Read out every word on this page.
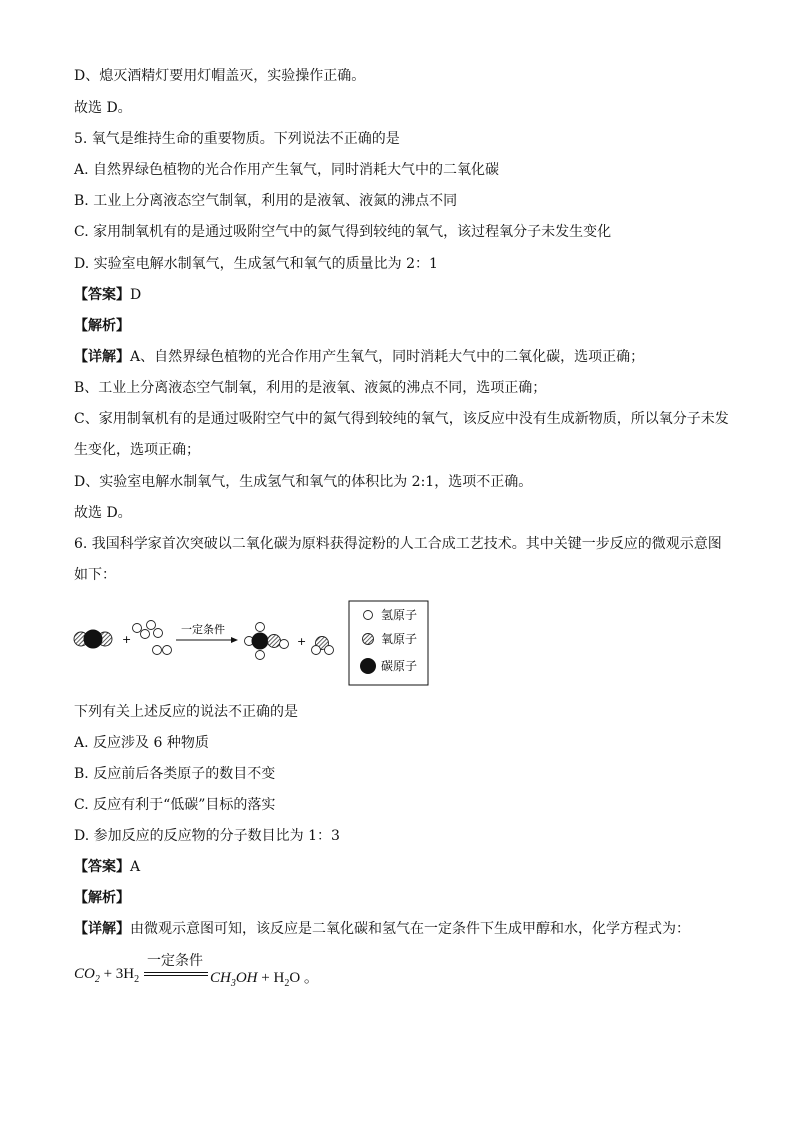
D、熄灭酒精灯要用灯帽盖灭，实验操作正确。
故选 D。
5. 氧气是维持生命的重要物质。下列说法不正确的是
A. 自然界绿色植物的光合作用产生氧气，同时消耗大气中的二氧化碳
B. 工业上分离液态空气制氧，利用的是液氧、液氮的沸点不同
C. 家用制氧机有的是通过吸附空气中的氮气得到较纯的氧气，该过程氧分子未发生变化
D. 实验室电解水制氧气，生成氢气和氧气的质量比为 2：1
【答案】D
【解析】
【详解】A、自然界绿色植物的光合作用产生氧气，同时消耗大气中的二氧化碳，选项正确；
B、工业上分离液态空气制氧，利用的是液氧、液氮的沸点不同，选项正确；
C、家用制氧机有的是通过吸附空气中的氮气得到较纯的氧气，该反应中没有生成新物质，所以氧分子未发
生变化，选项正确；
D、实验室电解水制氧气，生成氢气和氧气的体积比为 2:1，选项不正确。
故选 D。
6. 我国科学家首次突破以二氧化碳为原料获得淀粉的人工合成工艺技术。其中关键一步反应的微观示意图
如下：
+
一定条件
+
氢原子
氧原子
碳原子
下列有关上述反应的说法不正确的是
A. 反应涉及 6 种物质
B. 反应前后各类原子的数目不变
C. 反应有利于“低碳”目标的落实
D. 参加反应的反应物的分子数目比为 1：3
【答案】A
【解析】
【详解】由微观示意图可知，该反应是二氧化碳和氢气在一定条件下生成甲醇和水，化学方程式为：
$CO_2 + 3H_2$
一定条件
$CH_3OH + H_2O$ 。
